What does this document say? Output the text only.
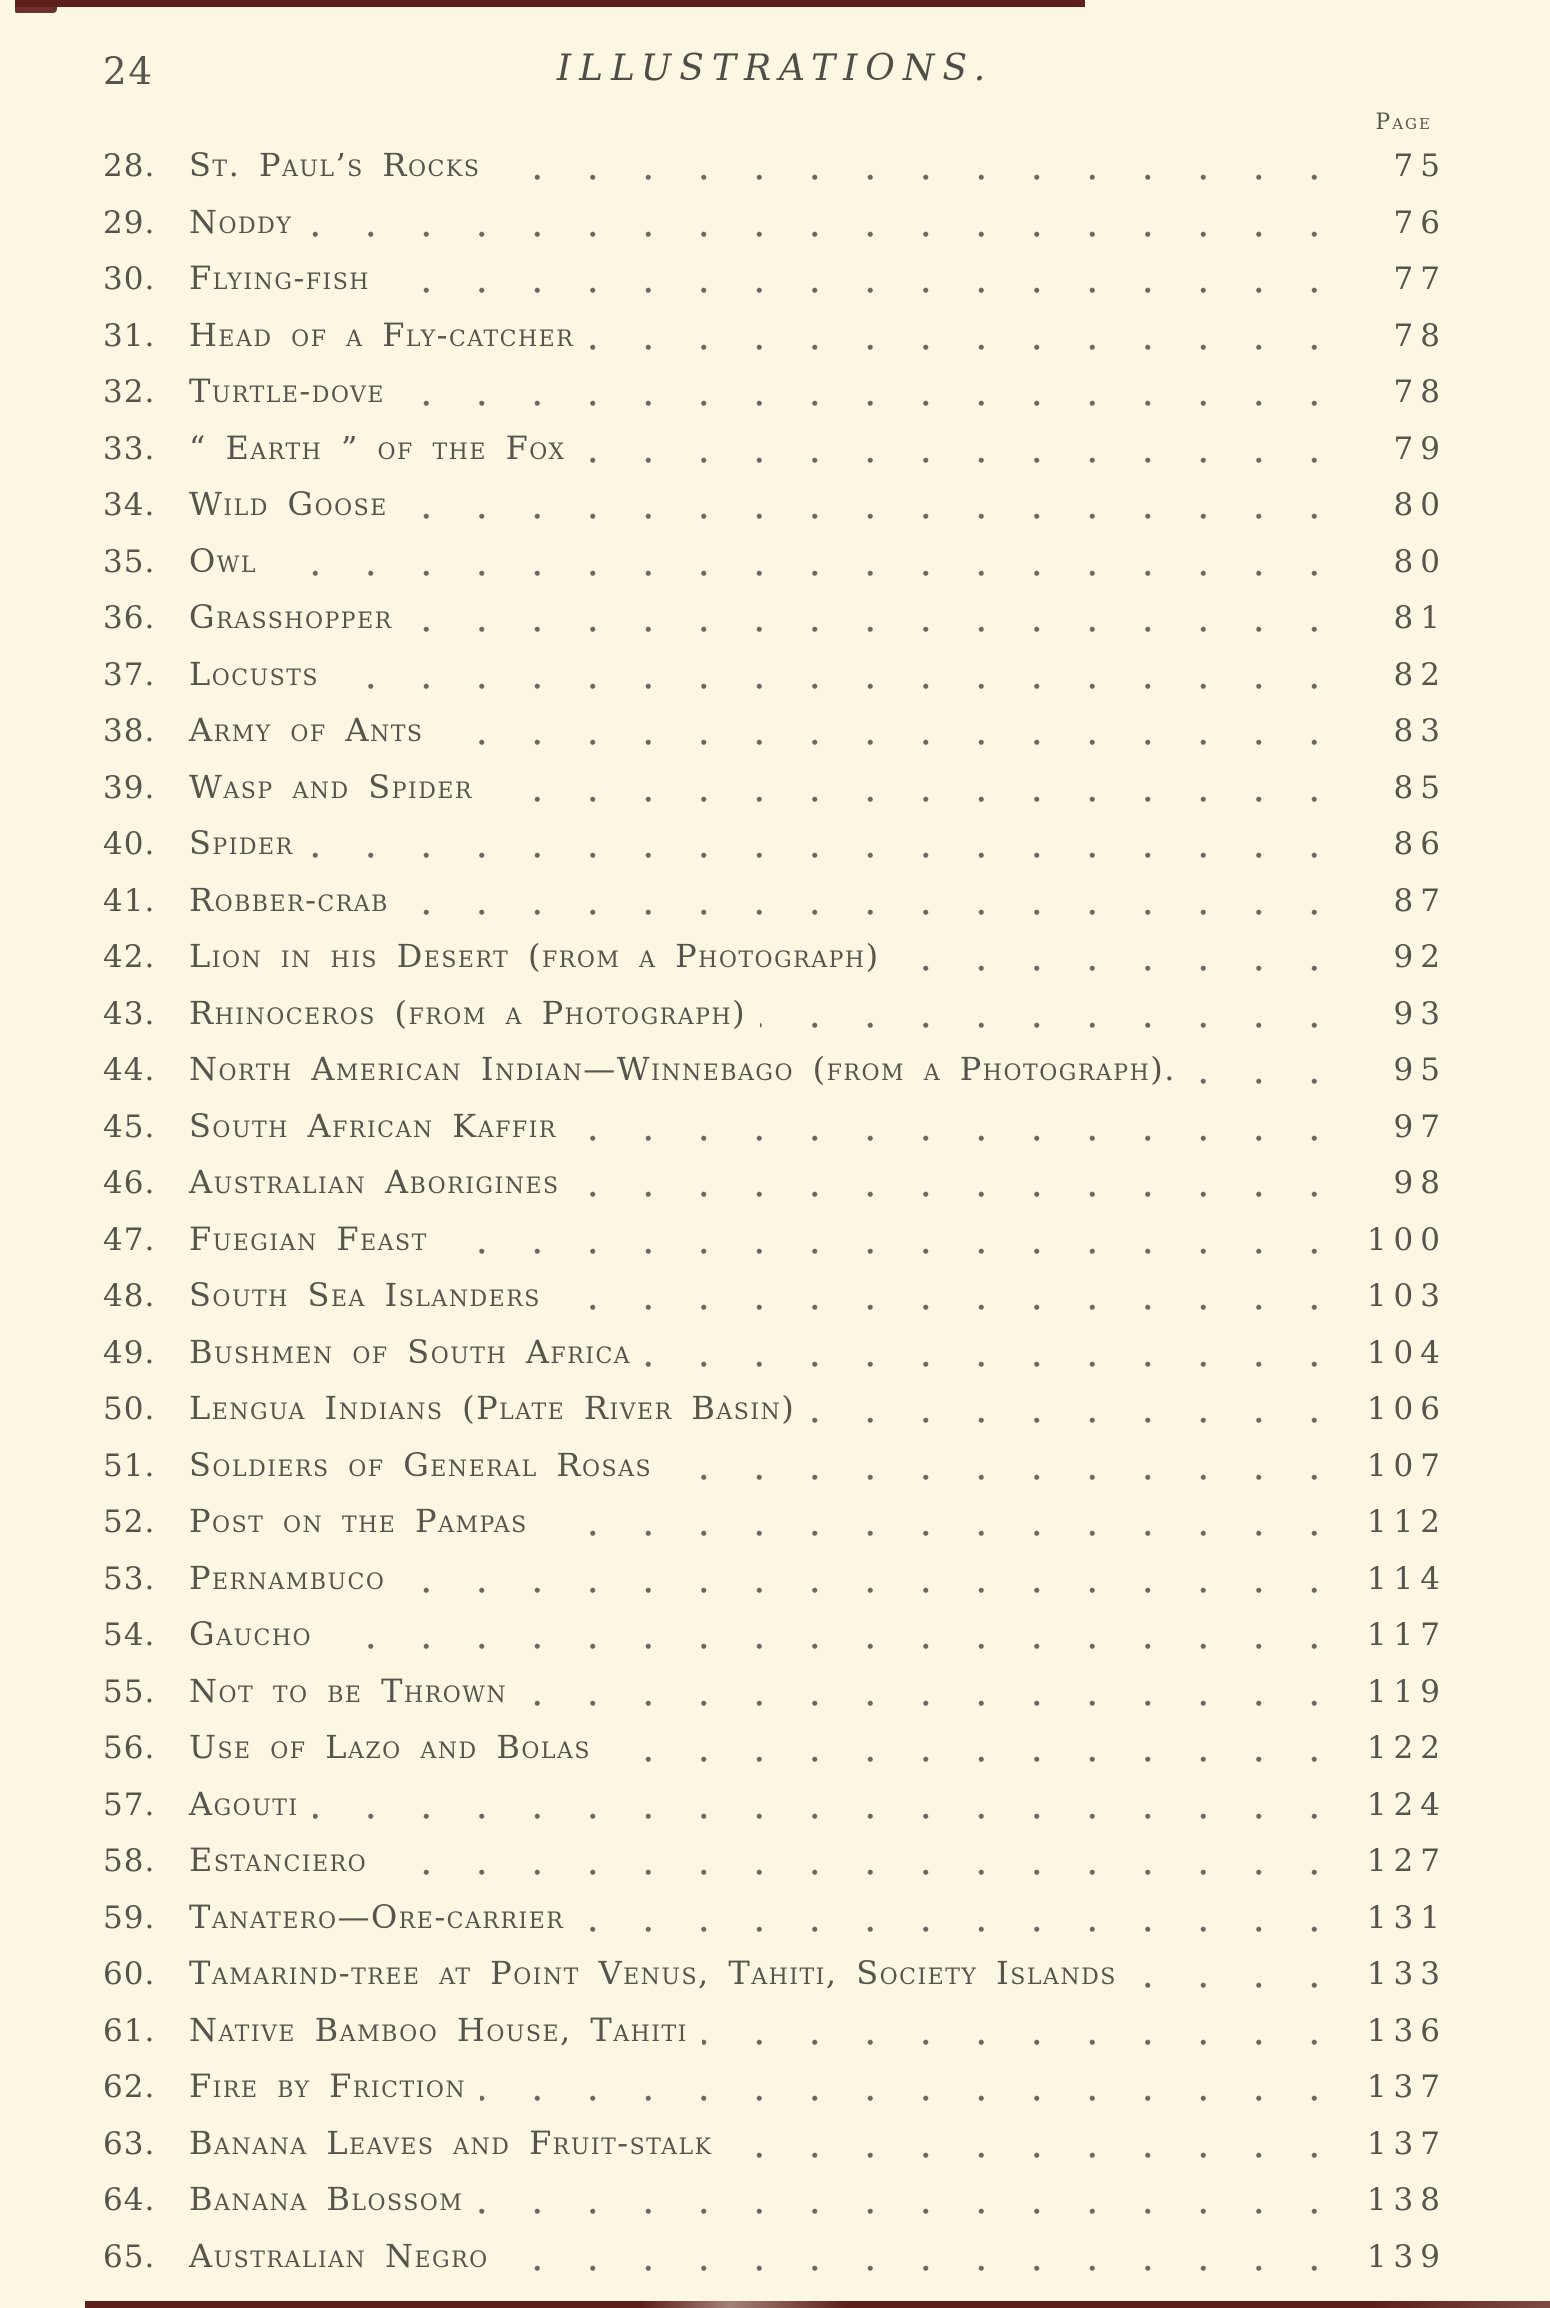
24	ILLUSTRATIONS.
Page
28.	St. Paul’s Rocks	75
29.	Noddy	76
30.	Flying-fish	77
31.	Head of a Fly-catcher	78
32.	Turtle-dove	78
33.	“ Earth ” of the Fox	79
34.	Wild Goose	80
35.	Owl	80
36.	Grasshopper	81
37.	Locusts	82
38.	Army of Ants	83
39.	Wasp and Spider	85
40.	Spider	86
41.	Robber-crab	87
42.	Lion in his Desert (from a Photograph)	92
43.	Rhinoceros (from a Photograph)	93
44.	North American Indian—Winnebago (from a Photograph).	95
45.	South African Kaffir	97
46.	Australian Aborigines	98
47.	Fuegian Feast	100
48.	South Sea Islanders	103
49.	Bushmen of South Africa	104
50.	Lengua Indians (Plate River Basin)	106
51.	Soldiers of General Rosas	107
52.	Post on the Pampas	112
53.	Pernambuco	114
54.	Gaucho	117
55.	Not to be Thrown	119
56.	Use of Lazo and Bolas	122
57.	Agouti	124
58.	Estanciero	127
59.	Tanatero—Ore-carrier	131
60.	Tamarind-tree at Point Venus, Tahiti, Society Islands	133
61.	Native Bamboo House, Tahiti	136
62.	Fire by Friction	137
63.	Banana Leaves and Fruit-stalk	137
64.	Banana Blossom	138
65.	Australian Negro	139
